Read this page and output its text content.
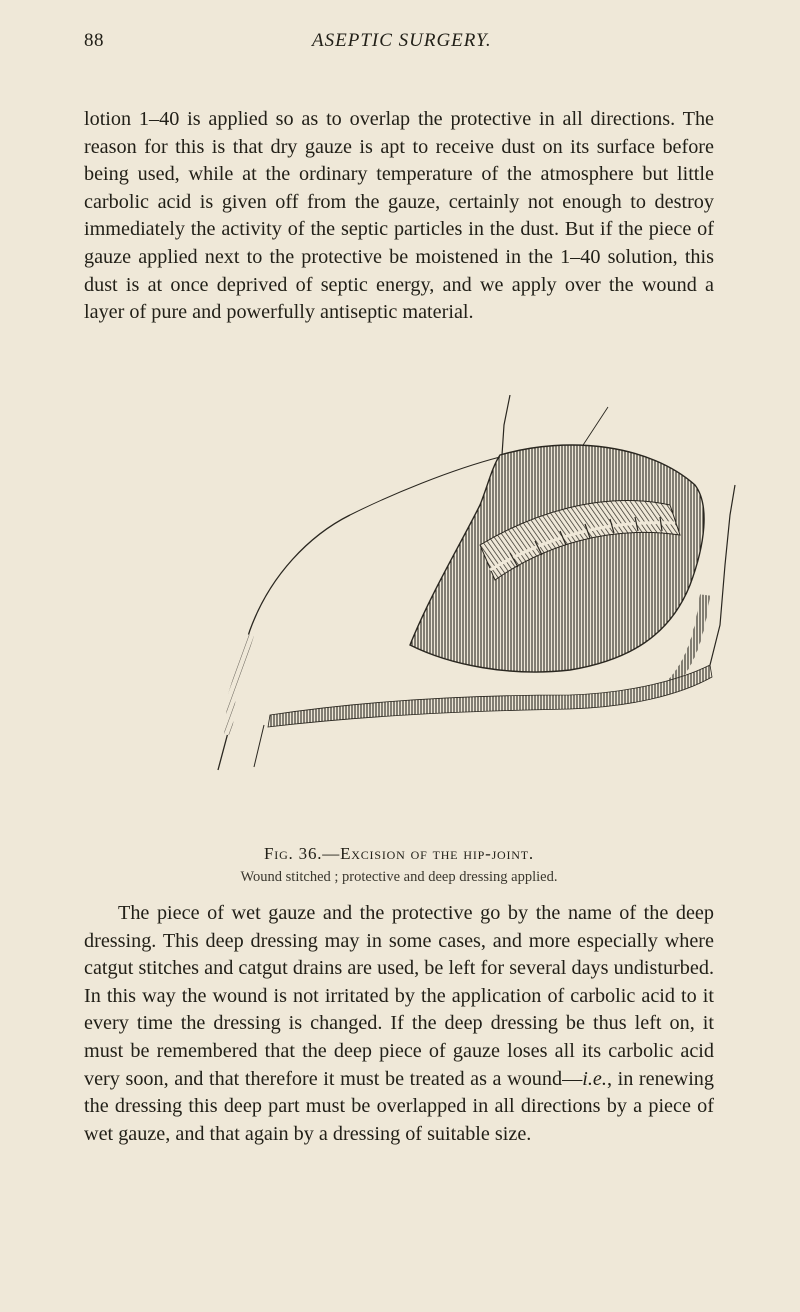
88	ASEPTIC SURGERY.

lotion 1–40 is applied so as to overlap the protective in all directions. The reason for this is that dry gauze is apt to receive dust on its surface before being used, while at the ordinary temperature of the atmosphere but little carbolic acid is given off from the gauze, certainly not enough to destroy immediately the activity of the septic particles in the dust. But if the piece of gauze applied next to the protective be moistened in the 1–40 solution, this dust is at once deprived of septic energy, and we apply over the wound a layer of pure and powerfully antiseptic material.

Fig. 36.—Excision of the hip-joint.
Wound stitched ; protective and deep dressing applied.

The piece of wet gauze and the protective go by the name of the deep dressing. This deep dressing may in some cases, and more especially where catgut stitches and catgut drains are used, be left for several days undisturbed. In this way the wound is not irritated by the application of carbolic acid to it every time the dressing is changed. If the deep dressing be thus left on, it must be remembered that the deep piece of gauze loses all its carbolic acid very soon, and that therefore it must be treated as a wound—i.e., in renewing the dressing this deep part must be overlapped in all directions by a piece of wet gauze, and that again by a dressing of suitable size.
